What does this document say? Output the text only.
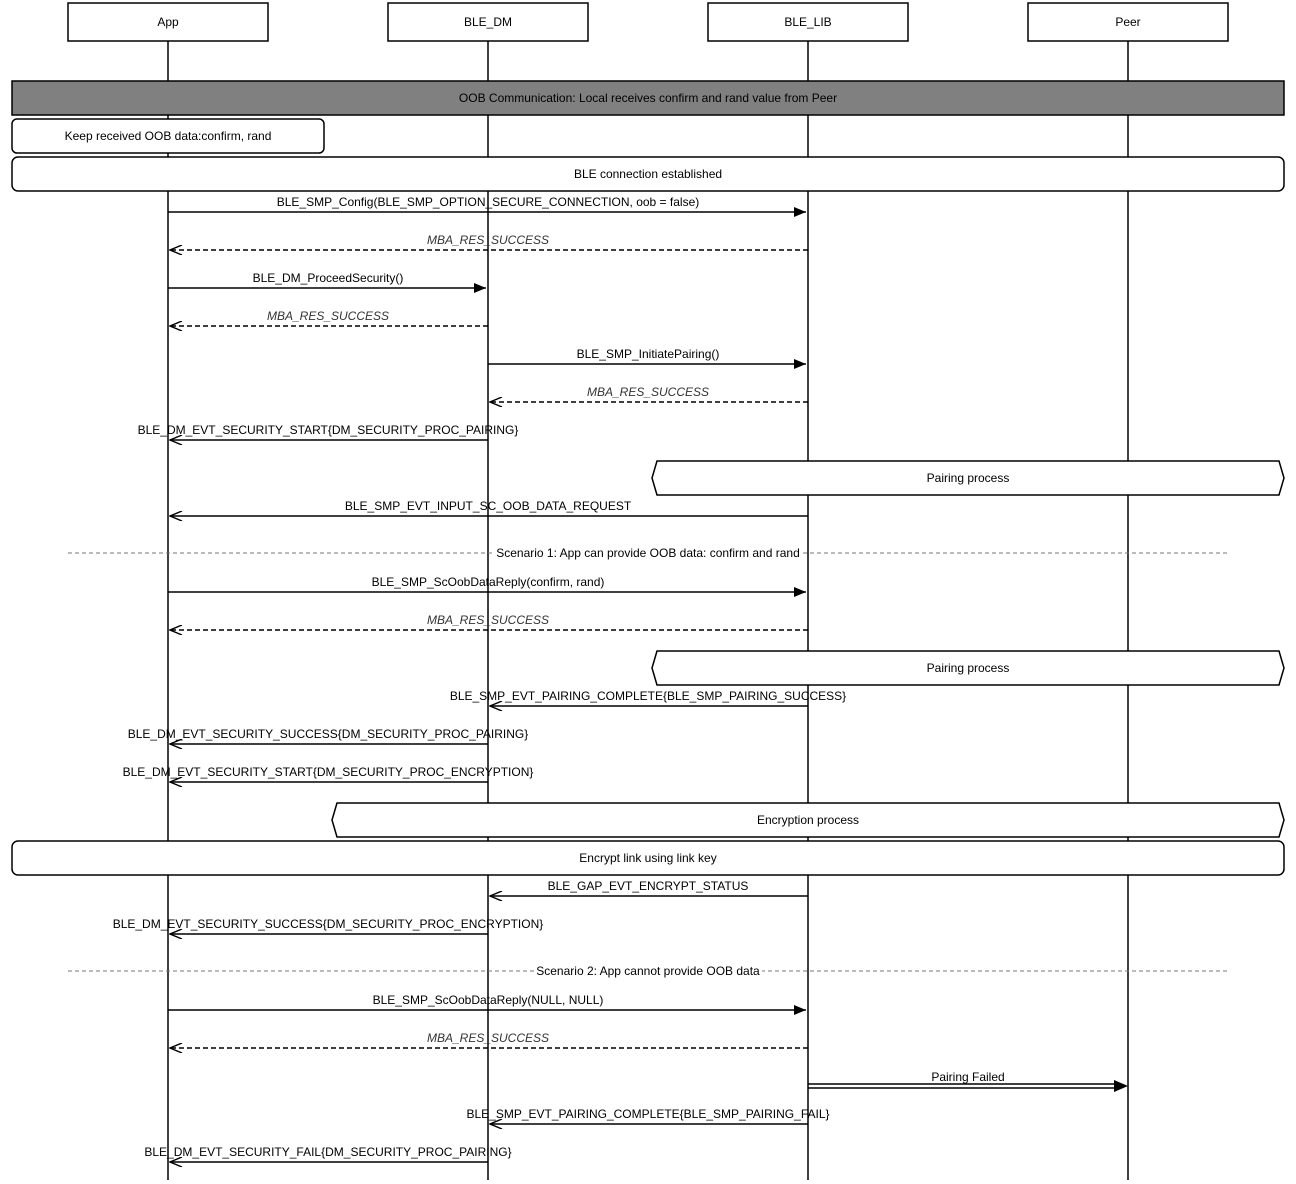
App	BLE_DM	BLE_LIB	Peer
OOB Communication: Local receives confirm and rand value from Peer
Keep received OOB data:confirm, rand
BLE connection established
Pairing process
Pairing process
Encryption process
Encrypt link using link key
Scenario 1: App can provide OOB data: confirm and rand
Scenario 2: App cannot provide OOB data
BLE_SMP_Config(BLE_SMP_OPTION_SECURE_CONNECTION, oob = false)
MBA_RES_SUCCESS
BLE_DM_ProceedSecurity()
MBA_RES_SUCCESS
BLE_SMP_InitiatePairing()
MBA_RES_SUCCESS
BLE_DM_EVT_SECURITY_START{DM_SECURITY_PROC_PAIRING}
BLE_SMP_EVT_INPUT_SC_OOB_DATA_REQUEST
BLE_SMP_ScOobDataReply(confirm, rand)
MBA_RES_SUCCESS
BLE_SMP_EVT_PAIRING_COMPLETE{BLE_SMP_PAIRING_SUCCESS}
BLE_DM_EVT_SECURITY_SUCCESS{DM_SECURITY_PROC_PAIRING}
BLE_DM_EVT_SECURITY_START{DM_SECURITY_PROC_ENCRYPTION}
BLE_GAP_EVT_ENCRYPT_STATUS
BLE_DM_EVT_SECURITY_SUCCESS{DM_SECURITY_PROC_ENCRYPTION}
BLE_SMP_ScOobDataReply(NULL, NULL)
MBA_RES_SUCCESS
Pairing Failed
BLE_SMP_EVT_PAIRING_COMPLETE{BLE_SMP_PAIRING_FAIL}
BLE_DM_EVT_SECURITY_FAIL{DM_SECURITY_PROC_PAIRING}
